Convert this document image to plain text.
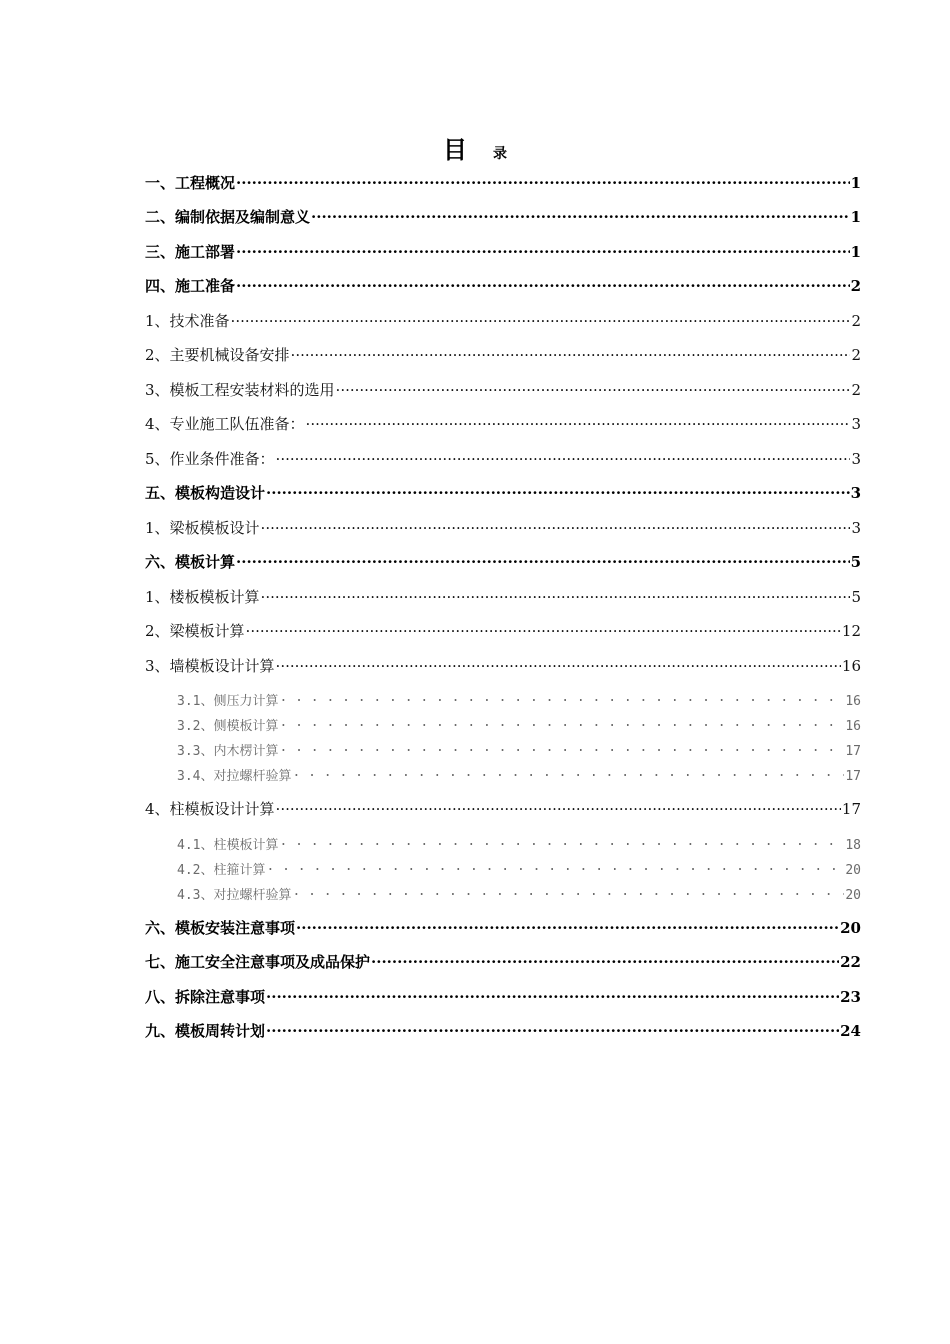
目 录
一、工程概况 .....	1
二、编制依据及编制意义 .....	1
三、施工部署 .....	1
四、施工准备 .....	2
1、技术准备 .....	2
2、主要机械设备安排 .....	2
3、模板工程安装材料的选用 .....	2
4、专业施工队伍准备： .....	3
5、作业条件准备： .....	3
五、模板构造设计 .....	3
1、梁板模板设计 .....	3
六、模板计算 .....	5
1、楼板模板计算 .....	5
2、梁模板计算 .....	12
3、墙模板设计计算 .....	16
3.1、侧压力计算 . . .	16
3.2、侧模板计算 . . .	16
3.3、内木楞计算 . . .	17
3.4、对拉螺杆验算 . . .	17
4、柱模板设计计算 .....	17
4.1、柱模板计算 . . .	18
4.2、柱箍计算 . . .	20
4.3、对拉螺杆验算 . . .	20
六、模板安装注意事项 .....	20
七、施工安全注意事项及成品保护 .....	22
八、拆除注意事项 .....	23
九、模板周转计划 .....	24
